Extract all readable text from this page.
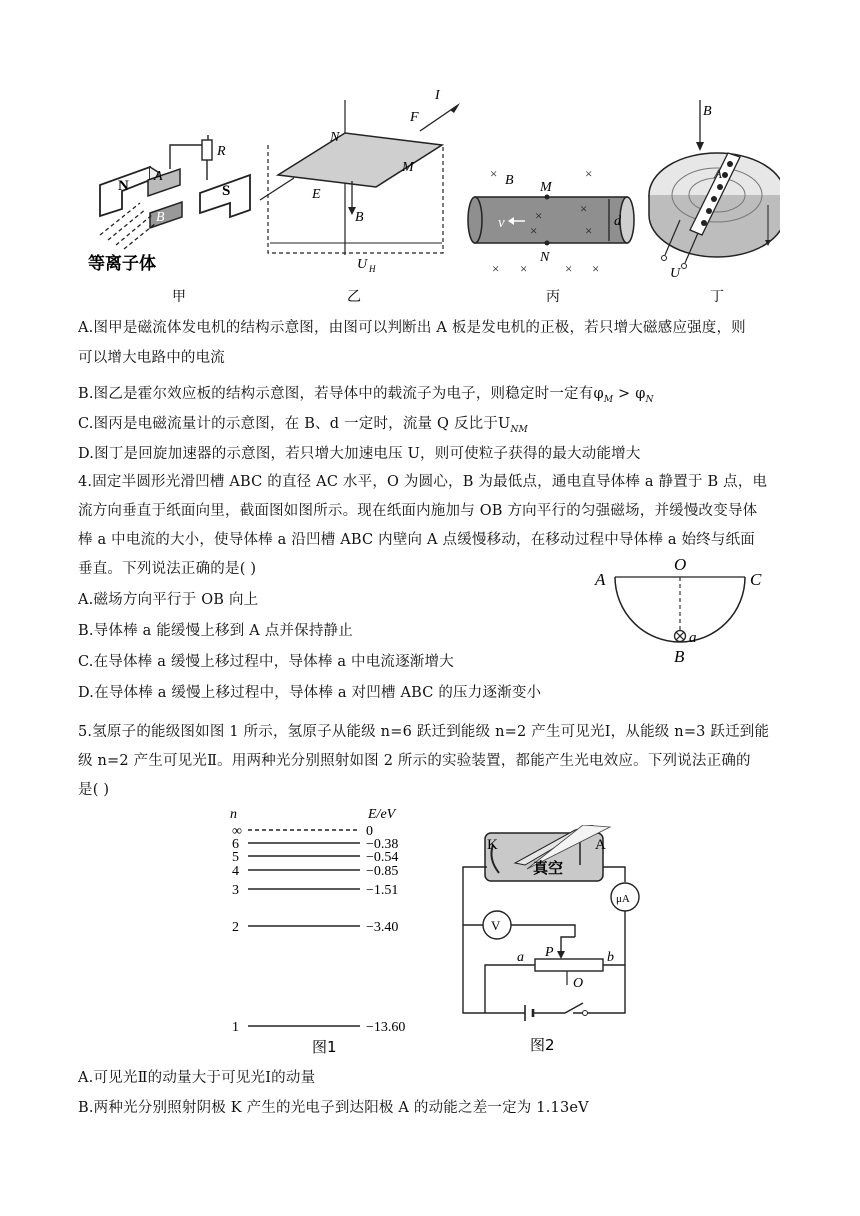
N
A
B
S
R
等离子体
N
F
I
M
E
B
U H
×	×
×	×
×
×
× ×	× ×
B M
N
v	d
B
A
U
甲	乙	丙	丁
A.图甲是磁流体发电机的结构示意图，由图可以判断出 A 板是发电机的正极，若只增大磁感应强度，则
可以增大电路中的电流
B.图乙是霍尔效应板的结构示意图，若导体中的载流子为电子，则稳定时一定有$\varphi_M > \varphi_N$
C.图丙是电磁流量计的示意图，在 B、d 一定时，流量 Q 反比于$U_{NM}$
D.图丁是回旋加速器的示意图，若只增大加速电压 U，则可使粒子获得的最大动能增大
4.固定半圆形光滑凹槽 ABC 的直径 AC 水平，O 为圆心，B 为最低点，通电直导体棒 a 静置于 B 点，电
流方向垂直于纸面向里，截面图如图所示。现在纸面内施加与 OB 方向平行的匀强磁场，并缓慢改变导体
棒 a 中电流的大小，使导体棒 a 沿凹槽 ABC 内壁向 A 点缓慢移动，在移动过程中导体棒 a 始终与纸面
垂直。下列说法正确的是( )
A.磁场方向平行于 OB 向上
B.导体棒 a 能缓慢上移到 A 点并保持静止
C.在导体棒 a 缓慢上移过程中，导体棒 a 中电流逐渐增大
D.在导体棒 a 缓慢上移过程中，导体棒 a 对凹槽 ABC 的压力逐渐变小
A
O
C
B
a
5.氢原子的能级图如图 1 所示，氢原子从能级 n=6 跃迁到能级 n=2 产生可见光Ⅰ，从能级 n=3 跃迁到能
级 n=2 产生可见光Ⅱ。用两种光分别照射如图 2 所示的实验装置，都能产生光电效应。下列说法正确的
是( )
n	E/eV
∞	0
6	−0.38
5	−0.54
4	−0.85
3	−1.51
2	−3.40
1	−13.60
图1
K	A
真空
μA
V
P
a	b
O
图2
A.可见光Ⅱ的动量大于可见光Ⅰ的动量
B.两种光分别照射阴极 K 产生的光电子到达阳极 A 的动能之差一定为 1.13eV
